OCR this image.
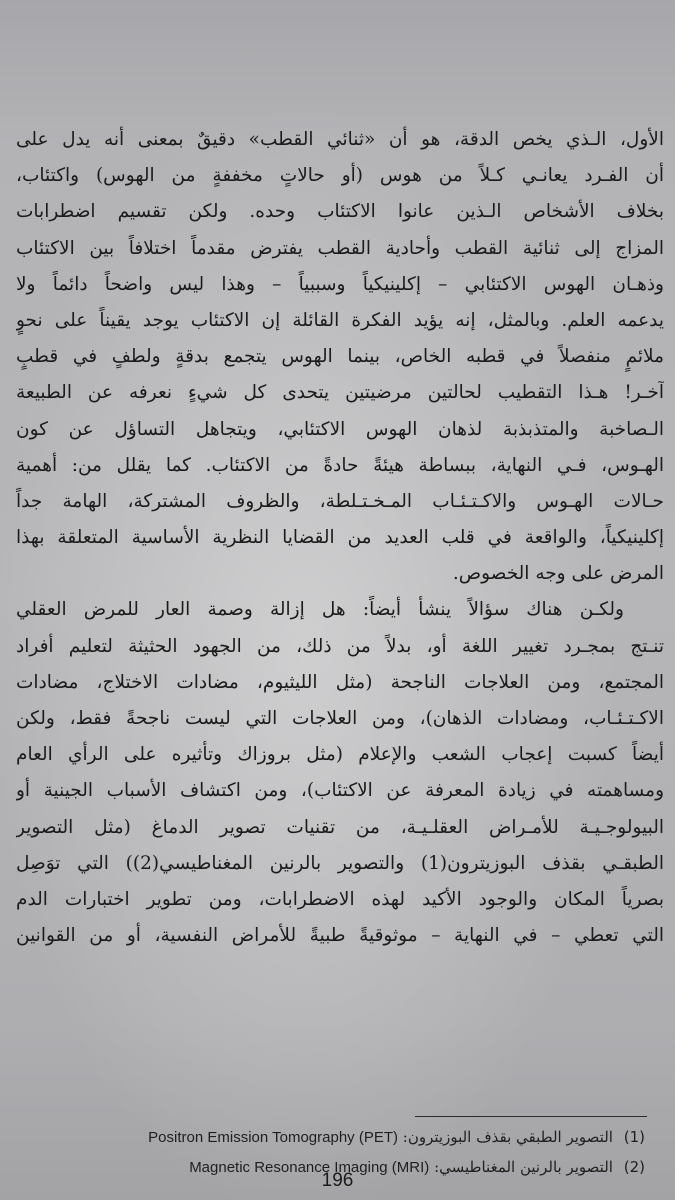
الأول، الـذي يخص الدقة، هو أن «ثنائي القطب» دقيقٌ بمعنى أنه يدل على
أن الفـرد يعانـي كـلاً من هوس (أو حالاتٍ مخففةٍ من الهوس) واكتئاب،
بخلاف الأشخاص الـذين عانوا الاكتئاب وحده. ولكن تقسيم اضطرابات
المزاج إلى ثنائية القطب وأحادية القطب يفترض مقدماً اختلافاً بين الاكتئاب
وذهـان الهوس الاكتئابي – إكلينيكياً وسببياً – وهذا ليس واضحاً دائماً ولا
يدعمه العلم. وبالمثل، إنه يؤيد الفكرة القائلة إن الاكتئاب يوجد يقيناً على نحوٍ
ملائمٍ منفصلاً في قطبه الخاص، بينما الهوس يتجمع بدقةٍ ولطفٍ في قطبٍ
آخـر! هـذا التقطيب لحالتين مرضيتين يتحدى كل شيءٍ نعرفه عن الطبيعة
الـصاخبة والمتذبذبة لذهان الهوس الاكتئابي، ويتجاهل التساؤل عن كون
الهـوس، فـي النهاية، ببساطة هيئةً حادةً من الاكتئاب. كما يقلل من: أهمية
حـالات الهـوس والاكـتـئـاب المـخـتـلطة، والظروف المشتركة، الهامة جداً
إكلينيكياً، والواقعة في قلب العديد من القضايا النظرية الأساسية المتعلقة بهذا
المرض على وجه الخصوص.
ولكـن هناك سؤالاً ينشأ أيضاً: هل إزالة وصمة العار للمرض العقلي
تنـتج بمجـرد تغيير اللغة أو، بدلاً من ذلك، من الجهود الحثيثة لتعليم أفراد
المجتمع، ومن العلاجات الناجحة (مثل الليثيوم، مضادات الاختلاج، مضادات
الاكـتـئـاب، ومضادات الذهان)، ومن العلاجات التي ليست ناجحةً فقط، ولكن
أيضاً كسبت إعجاب الشعب والإعلام (مثل بروزاك وتأثيره على الرأي العام
ومساهمته في زيادة المعرفة عن الاكتئاب)، ومن اكتشاف الأسباب الجينية أو
البيولوجـيـة للأمـراض العقلـيـة، من تقنيات تصوير الدماغ (مثل التصوير
الطبقـي بقذف البوزيترون(1) والتصوير بالرنين المغناطيسي(2)) التي توَصِل
بصرياً المكان والوجود الأكيد لهذه الاضطرابات، ومن تطوير اختبارات الدم
التي تعطي – في النهاية – موثوقيةً طبيةً للأمراض النفسية، أو من القوانين
(1) التصوير الطبقي بقذف البوزيترون: Positron Emission Tomography (PET)
(2) التصوير بالرنين المغناطيسي: Magnetic Resonance Imaging (MRI)
196
